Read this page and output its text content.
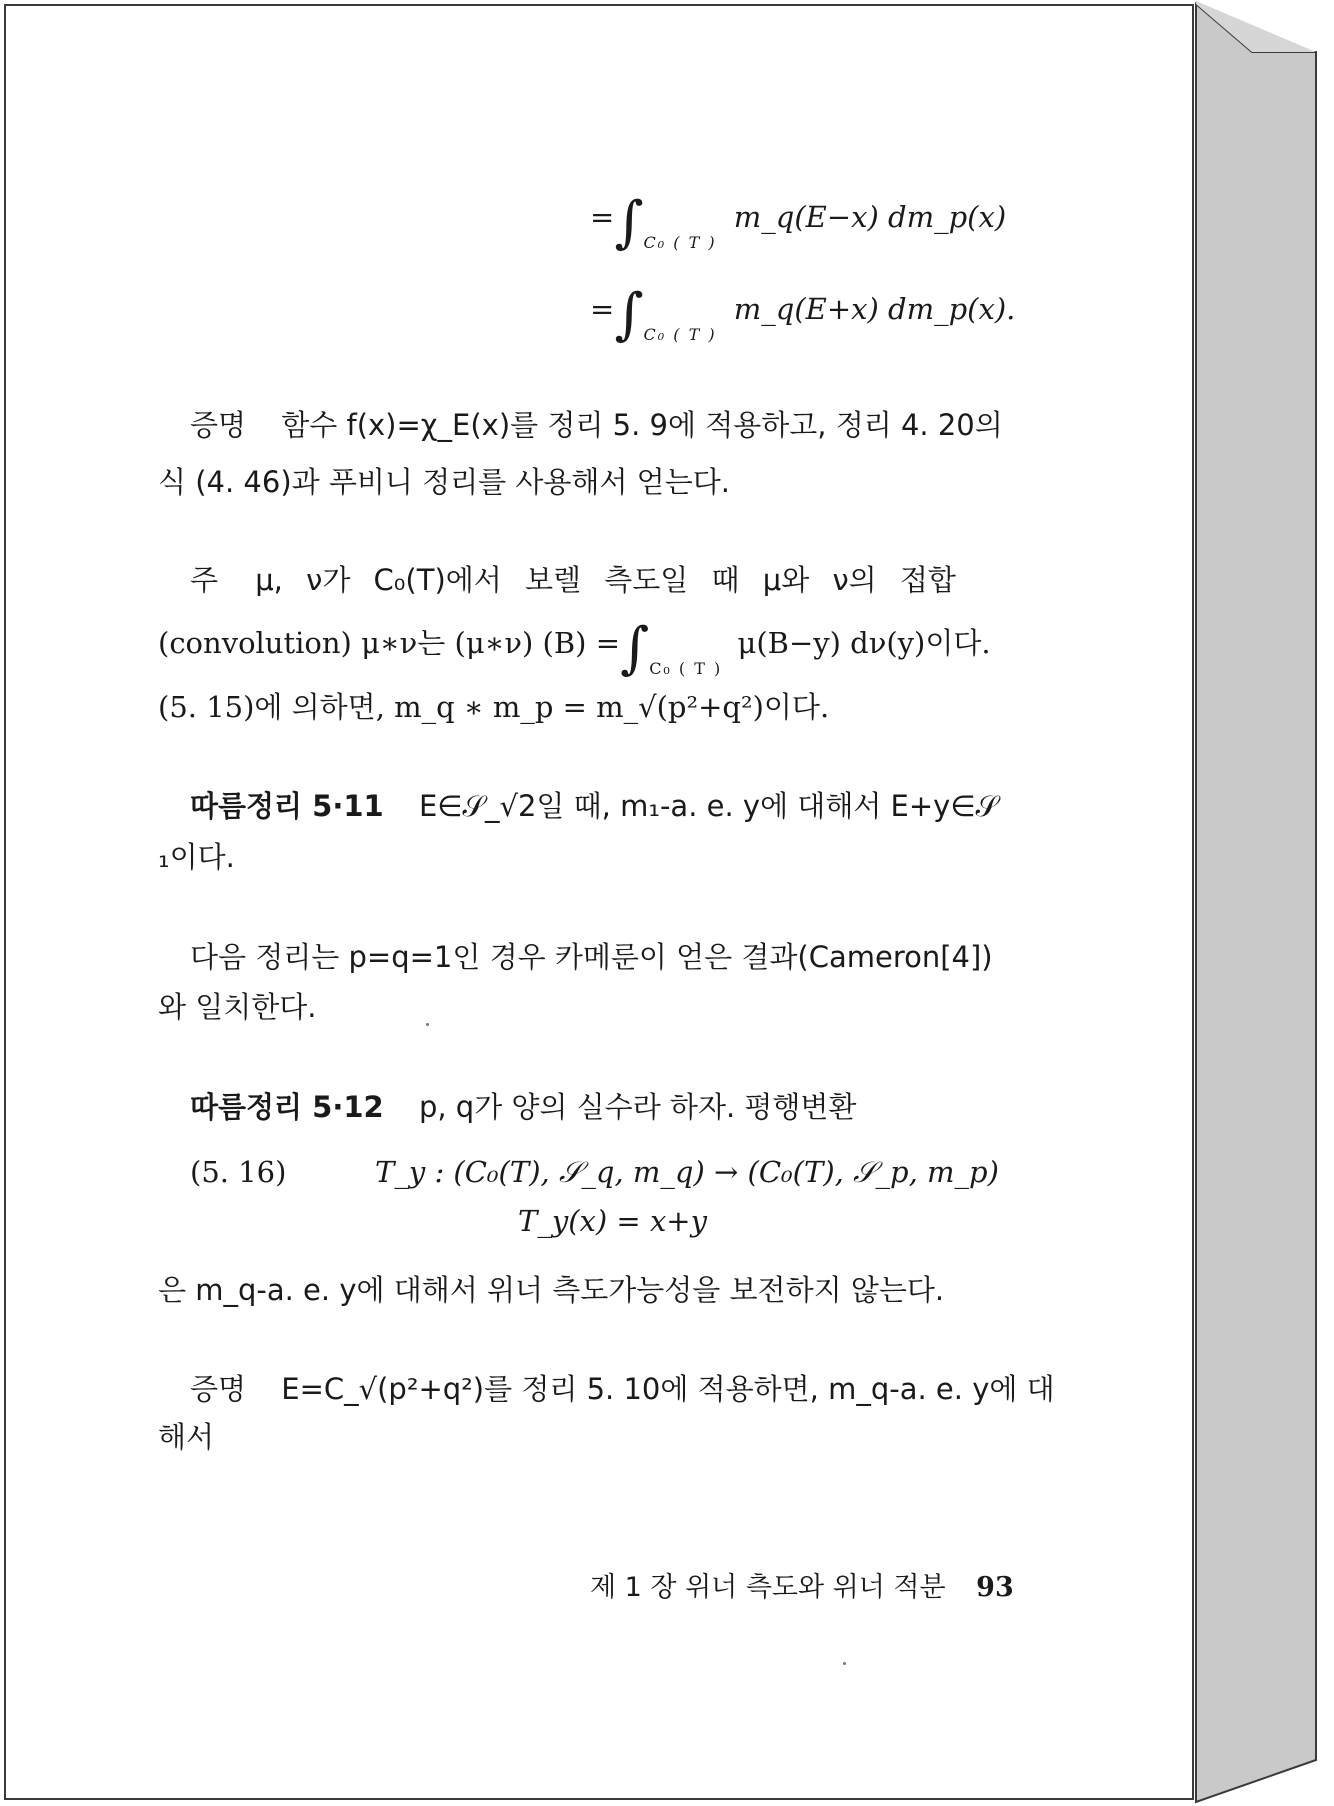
$=\int_{C_0 ( T )}$ m_q(E−x) dm_p(x)
$=\int_{C_0 ( T )}$ m_q(E+x) dm_p(x).
증명 함수 f(x)=χ_E(x)를 정리 5. 9에 적용하고, 정리 4. 20의
식 (4. 46)과 푸비니 정리를 사용해서 얻는다.
주 μ, ν가 C₀(T)에서 보렐 측도일 때 μ와 ν의 접합
(convolution) μ∗ν는 (μ∗ν) $(B) =\int_{C_0 ( T )}$ μ(B−y) dν(y)이다.
(5. 15)에 의하면, m_q ∗ m_p = m_√(p²+q²)이다.
따름정리 5·11 E∈𝒮_√2일 때, m₁-a. e. y에 대해서 E+y∈𝒮
₁이다.
다음 정리는 p=q=1인 경우 카메룬이 얻은 결과(Cameron[4])
와 일치한다.
따름정리 5·12 p, q가 양의 실수라 하자. 평행변환
(5. 16)	T_y : (C₀(T), 𝒮_q, m_q) → (C₀(T), 𝒮_p, m_p)
T_y(x) = x+y
은 m_q-a. e. y에 대해서 위너 측도가능성을 보전하지 않는다.
증명 E=C_√(p²+q²)를 정리 5. 10에 적용하면, m_q-a. e. y에 대
해서
제 1 장 위너 측도와 위너 적분 93
